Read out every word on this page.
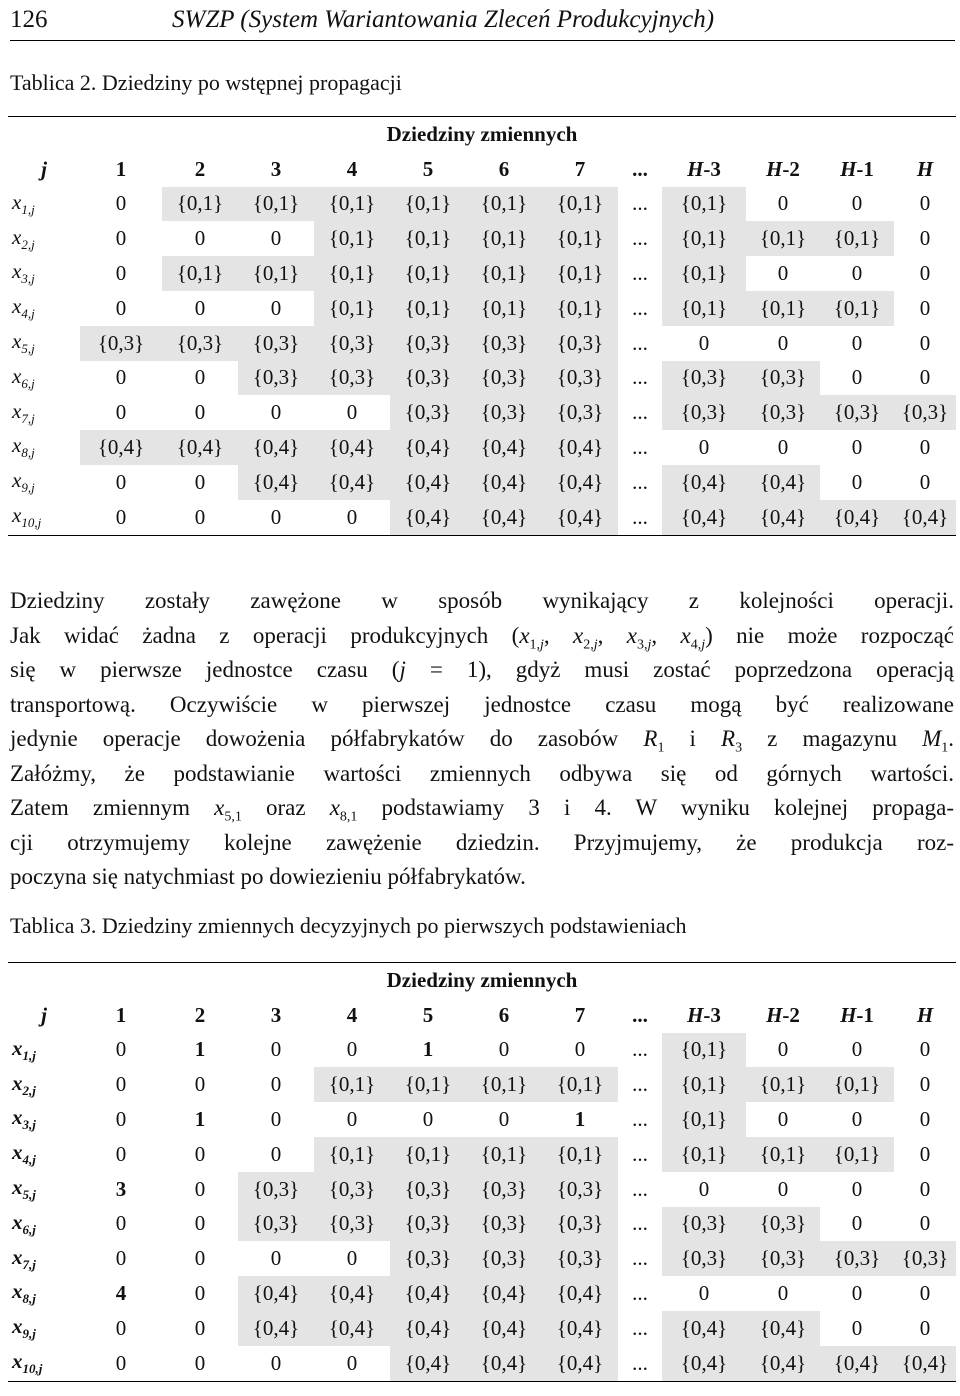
126	SWZP (System Wariantowania Zleceń Produkcyjnych)
Tablica 2. Dziedziny po wstępnej propagacji
Dziedziny zmiennych												
j	1	2	3	4	5	6	7	...	H-3	H-2	H-1	H
$x_{1,j}$	0	{0,1}	{0,1}	{0,1}	{0,1}	{0,1}	{0,1}	...	{0,1}	0	0	0
$x_{2,j}$	0	0	0	{0,1}	{0,1}	{0,1}	{0,1}	...	{0,1}	{0,1}	{0,1}	0
$x_{3,j}$	0	{0,1}	{0,1}	{0,1}	{0,1}	{0,1}	{0,1}	...	{0,1}	0	0	0
$x_{4,j}$	0	0	0	{0,1}	{0,1}	{0,1}	{0,1}	...	{0,1}	{0,1}	{0,1}	0
$x_{5,j}$	{0,3}	{0,3}	{0,3}	{0,3}	{0,3}	{0,3}	{0,3}	...	0	0	0	0
$x_{6,j}$	0	0	{0,3}	{0,3}	{0,3}	{0,3}	{0,3}	...	{0,3}	{0,3}	0	0
$x_{7,j}$	0	0	0	0	{0,3}	{0,3}	{0,3}	...	{0,3}	{0,3}	{0,3}	{0,3}
$x_{8,j}$	{0,4}	{0,4}	{0,4}	{0,4}	{0,4}	{0,4}	{0,4}	...	0	0	0	0
$x_{9,j}$	0	0	{0,4}	{0,4}	{0,4}	{0,4}	{0,4}	...	{0,4}	{0,4}	0	0
$x_{10,j}$	0	0	0	0	{0,4}	{0,4}	{0,4}	...	{0,4}	{0,4}	{0,4}	{0,4}
Dziedziny zostały zawężone w sposób wynikający z kolejności operacji.
Jak widać żadna z operacji produkcyjnych ($x_{1,j}$, $x_{2,j}$, $x_{3,j}$, $x_{4,j}$) nie może rozpocząć
się w pierwsze jednostce czasu (j = 1), gdyż musi zostać poprzedzona operacją
transportową. Oczywiście w pierwszej jednostce czasu mogą być realizowane
jedynie operacje dowożenia półfabrykatów do zasobów $R_1$ i $R_3$ z magazynu $M_1$.
Załóżmy, że podstawianie wartości zmiennych odbywa się od górnych wartości.
Zatem zmiennym $x_{5,1}$ oraz $x_{8,1}$ podstawiamy 3 i 4. W wyniku kolejnej propaga-
cji otrzymujemy kolejne zawężenie dziedzin. Przyjmujemy, że produkcja roz-
poczyna się natychmiast po dowiezieniu półfabrykatów.
Tablica 3. Dziedziny zmiennych decyzyjnych po pierwszych podstawieniach
Dziedziny zmiennych												
j	1	2	3	4	5	6	7	...	H-3	H-2	H-1	H
$x_{1,j}$	0	1	0	0	1	0	0	...	{0,1}	0	0	0
$x_{2,j}$	0	0	0	{0,1}	{0,1}	{0,1}	{0,1}	...	{0,1}	{0,1}	{0,1}	0
$x_{3,j}$	0	1	0	0	0	0	1	...	{0,1}	0	0	0
$x_{4,j}$	0	0	0	{0,1}	{0,1}	{0,1}	{0,1}	...	{0,1}	{0,1}	{0,1}	0
$x_{5,j}$	3	0	{0,3}	{0,3}	{0,3}	{0,3}	{0,3}	...	0	0	0	0
$x_{6,j}$	0	0	{0,3}	{0,3}	{0,3}	{0,3}	{0,3}	...	{0,3}	{0,3}	0	0
$x_{7,j}$	0	0	0	0	{0,3}	{0,3}	{0,3}	...	{0,3}	{0,3}	{0,3}	{0,3}
$x_{8,j}$	4	0	{0,4}	{0,4}	{0,4}	{0,4}	{0,4}	...	0	0	0	0
$x_{9,j}$	0	0	{0,4}	{0,4}	{0,4}	{0,4}	{0,4}	...	{0,4}	{0,4}	0	0
$x_{10,j}$	0	0	0	0	{0,4}	{0,4}	{0,4}	...	{0,4}	{0,4}	{0,4}	{0,4}
